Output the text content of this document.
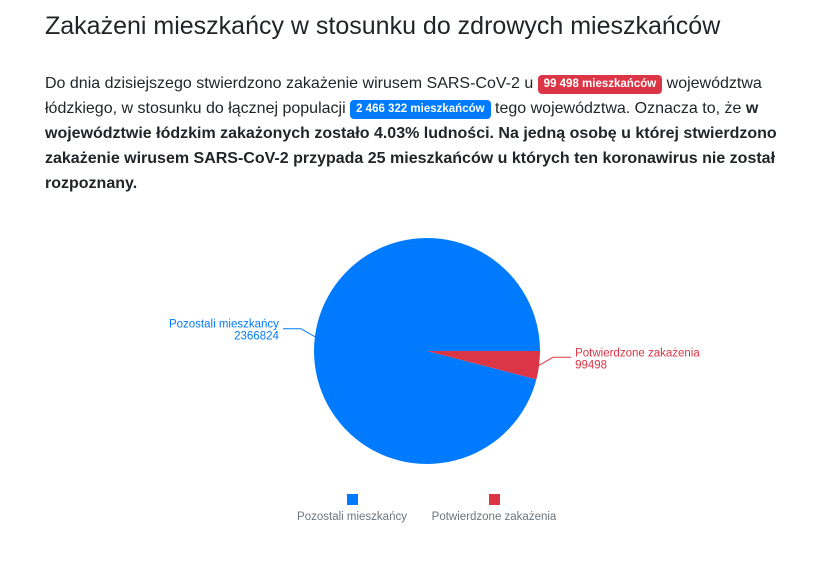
Zakażeni mieszkańcy w stosunku do zdrowych mieszkańców

Do dnia dzisiejszego stwierdzono zakażenie wirusem SARS-CoV-2 u 99 498 mieszkańców województwa łódzkiego, w stosunku do łącznej populacji 2 466 322 mieszkańców tego województwa. Oznacza to, że w województwie łódzkim zakażonych zostało 4.03% ludności. Na jedną osobę u której stwierdzono zakażenie wirusem SARS-CoV-2 przypada 25 mieszkańców u których ten koronawirus nie został rozpoznany.

Pozostali mieszkańcy
2366824
Potwierdzone zakażenia
99498
Pozostali mieszkańcy	Potwierdzone zakażenia
